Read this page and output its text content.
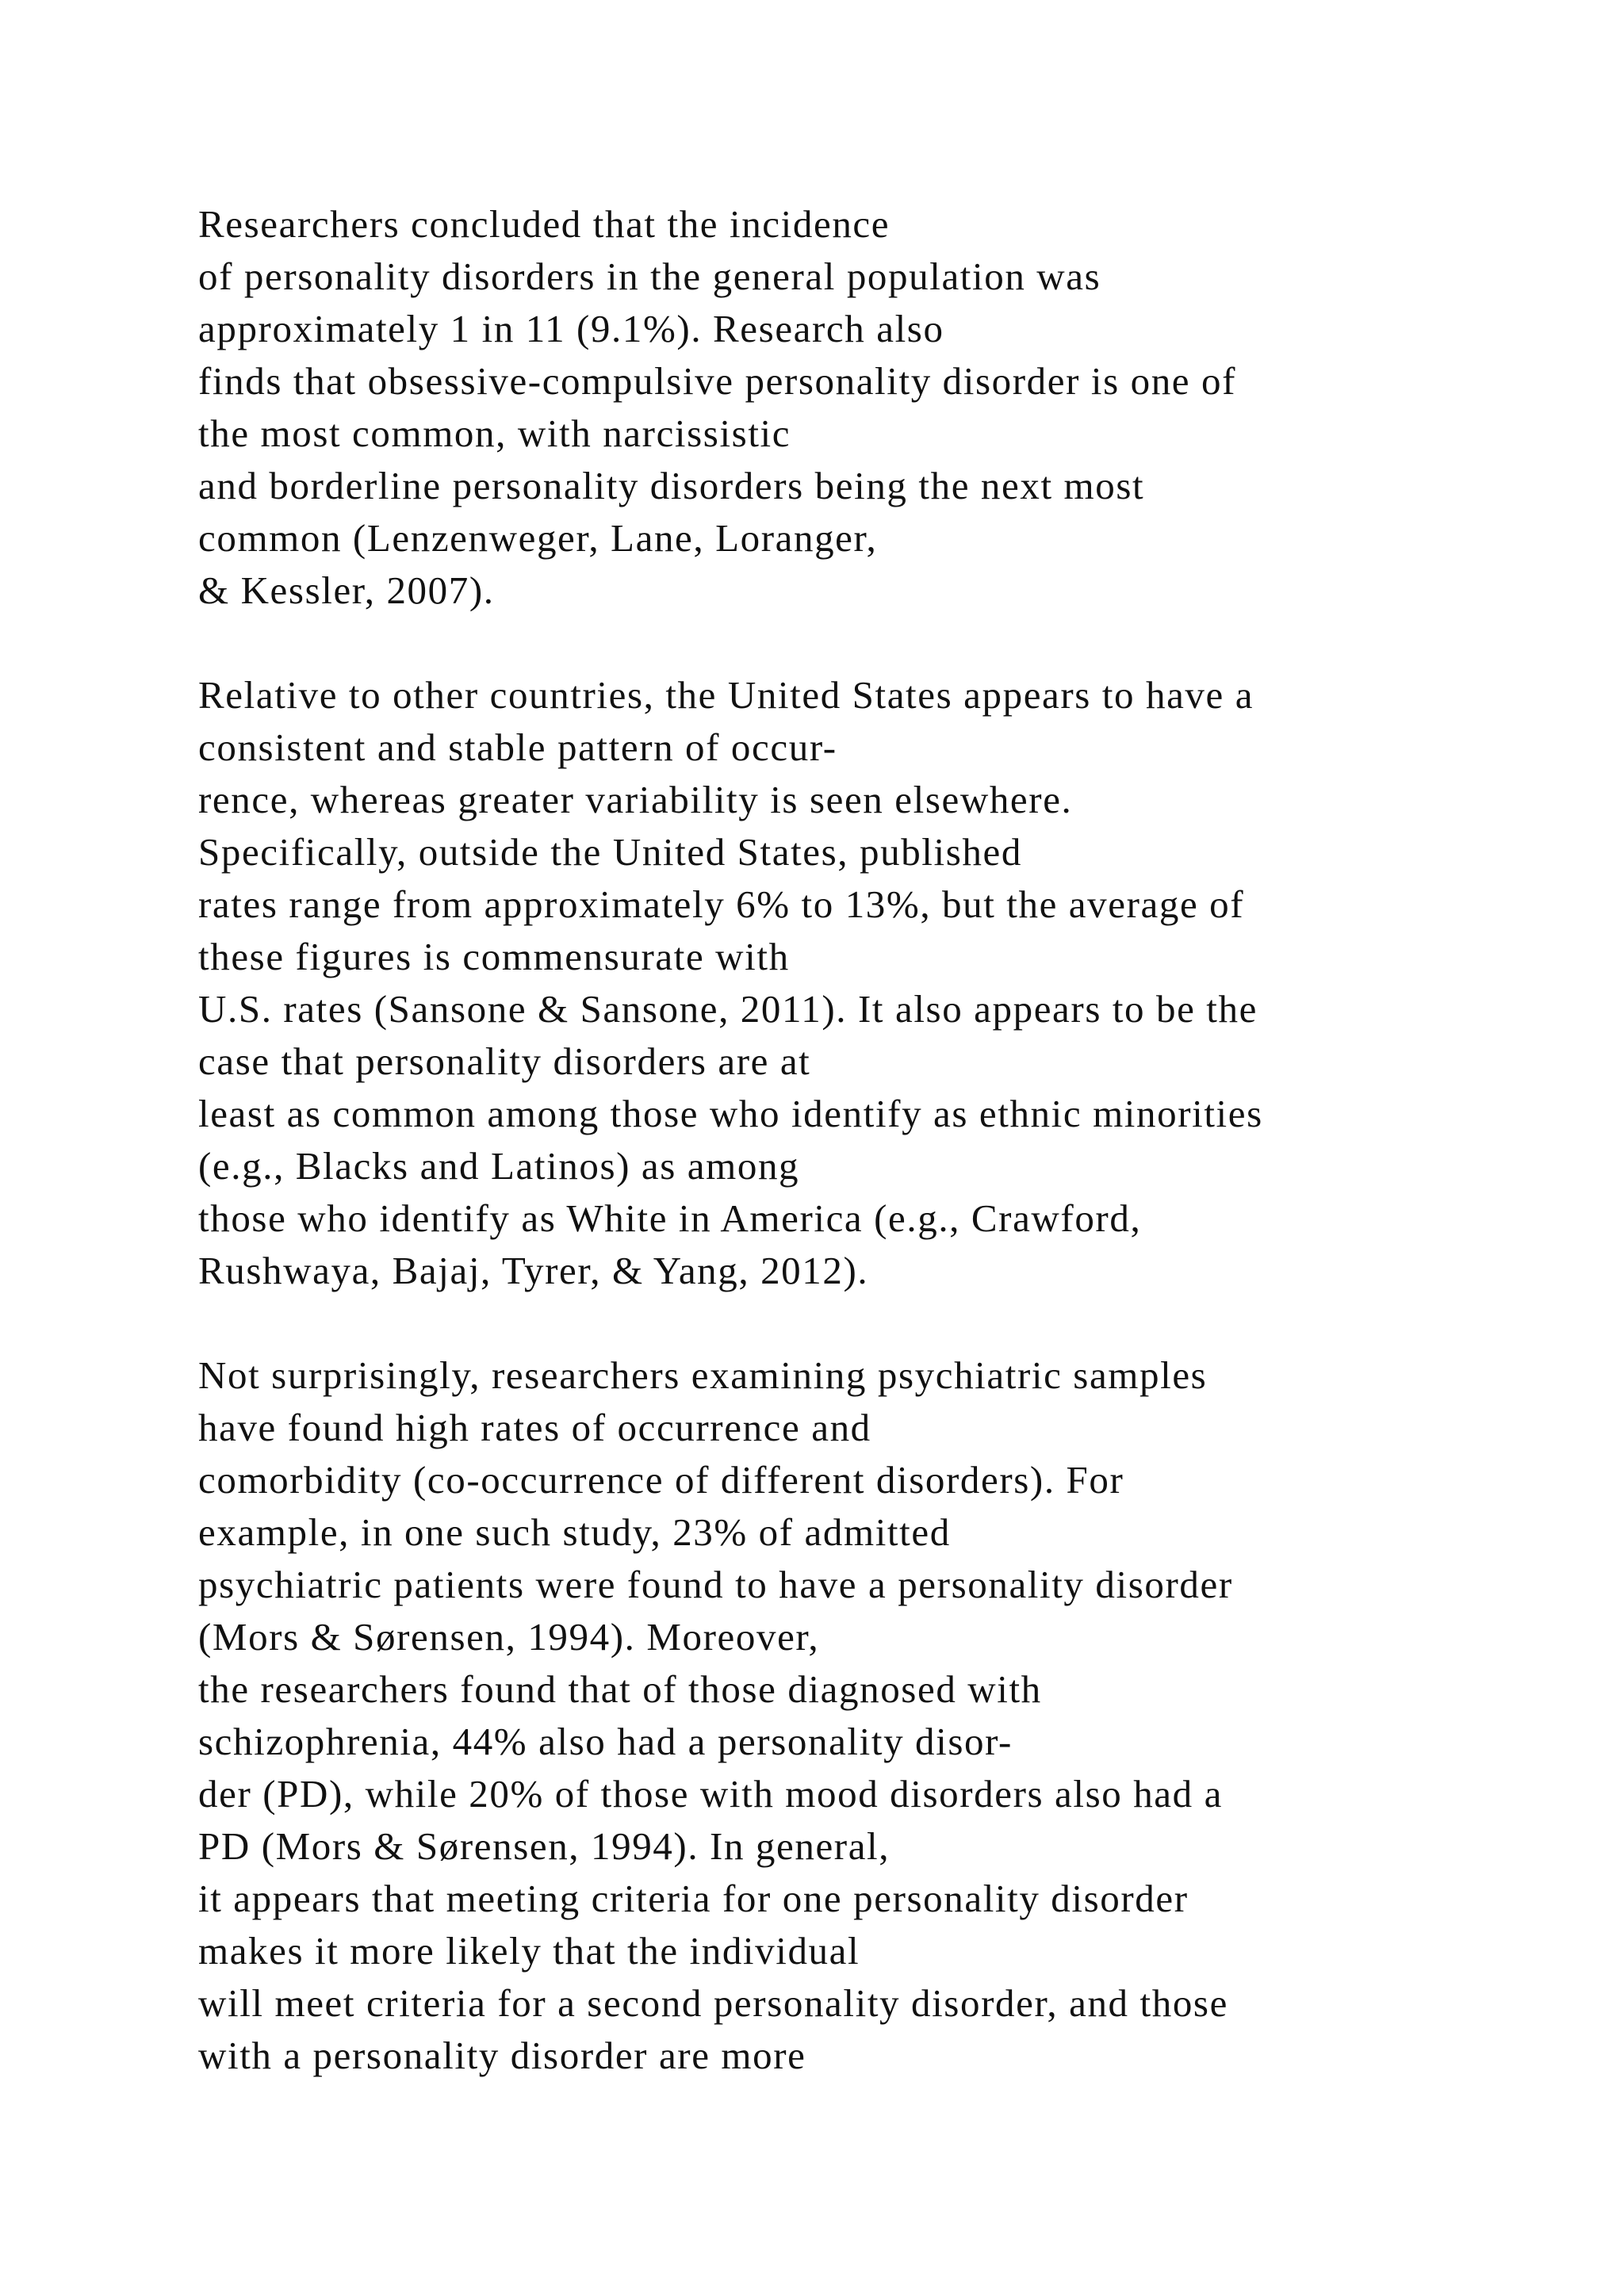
Researchers concluded that the incidence
of personality disorders in the general population was
approximately 1 in 11 (9.1%). Research also
finds that obsessive-compulsive personality disorder is one of
the most common, with narcissistic
and borderline personality disorders being the next most
common (Lenzenweger, Lane, Loranger,
& Kessler, 2007).

Relative to other countries, the United States appears to have a
consistent and stable pattern of occur-
rence, whereas greater variability is seen elsewhere.
Specifically, outside the United States, published
rates range from approximately 6% to 13%, but the average of
these figures is commensurate with
U.S. rates (Sansone & Sansone, 2011). It also appears to be the
case that personality disorders are at
least as common among those who identify as ethnic minorities
(e.g., Blacks and Latinos) as among
those who identify as White in America (e.g., Crawford,
Rushwaya, Bajaj, Tyrer, & Yang, 2012).

Not surprisingly, researchers examining psychiatric samples
have found high rates of occurrence and
comorbidity (co-occurrence of different disorders). For
example, in one such study, 23% of admitted
psychiatric patients were found to have a personality disorder
(Mors & Sørensen, 1994). Moreover,
the researchers found that of those diagnosed with
schizophrenia, 44% also had a personality disor-
der (PD), while 20% of those with mood disorders also had a
PD (Mors & Sørensen, 1994). In general,
it appears that meeting criteria for one personality disorder
makes it more likely that the individual
will meet criteria for a second personality disorder, and those
with a personality disorder are more
